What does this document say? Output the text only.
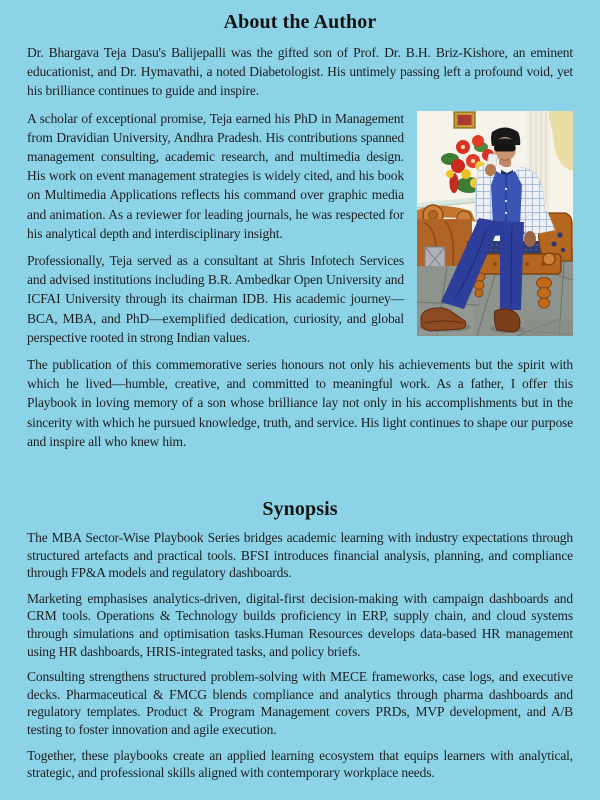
About the Author

Dr. Bhargava Teja Dasu's Balijepalli was the gifted son of Prof. Dr. B.H. Briz-Kishore, an eminent educationist, and Dr. Hymavathi, a noted Diabetologist. His untimely passing left a profound void, yet his brilliance continues to guide and inspire.

A scholar of exceptional promise, Teja earned his PhD in Management from Dravidian University, Andhra Pradesh. His contributions spanned management consulting, academic research, and multimedia design. His work on event management strategies is widely cited, and his book on Multimedia Applications reflects his command over graphic media and animation. As a reviewer for leading journals, he was respected for his analytical depth and interdisciplinary insight.

Professionally, Teja served as a consultant at Shris Infotech Services and advised institutions including B.R. Ambedkar Open University and ICFAI University through its chairman IDB. His academic journey—BCA, MBA, and PhD—exemplified dedication, curiosity, and global perspective rooted in strong Indian values.

The publication of this commemorative series honours not only his achievements but the spirit with which he lived—humble, creative, and committed to meaningful work. As a father, I offer this Playbook in loving memory of a son whose brilliance lay not only in his accomplishments but in the sincerity with which he pursued knowledge, truth, and service. His light continues to shape our purpose and inspire all who knew him.

Synopsis

The MBA Sector-Wise Playbook Series bridges academic learning with industry expectations through structured artefacts and practical tools. BFSI introduces financial analysis, planning, and compliance through FP&A models and regulatory dashboards.

Marketing emphasises analytics-driven, digital-first decision-making with campaign dashboards and CRM tools. Operations & Technology builds proficiency in ERP, supply chain, and cloud systems through simulations and optimisation tasks.Human Resources develops data-based HR management using HR dashboards, HRIS-integrated tasks, and policy briefs.

Consulting strengthens structured problem-solving with MECE frameworks, case logs, and executive decks. Pharmaceutical & FMCG blends compliance and analytics through pharma dashboards and regulatory templates. Product & Program Management covers PRDs, MVP development, and A/B testing to foster innovation and agile execution.

Together, these playbooks create an applied learning ecosystem that equips learners with analytical, strategic, and professional skills aligned with contemporary workplace needs.
